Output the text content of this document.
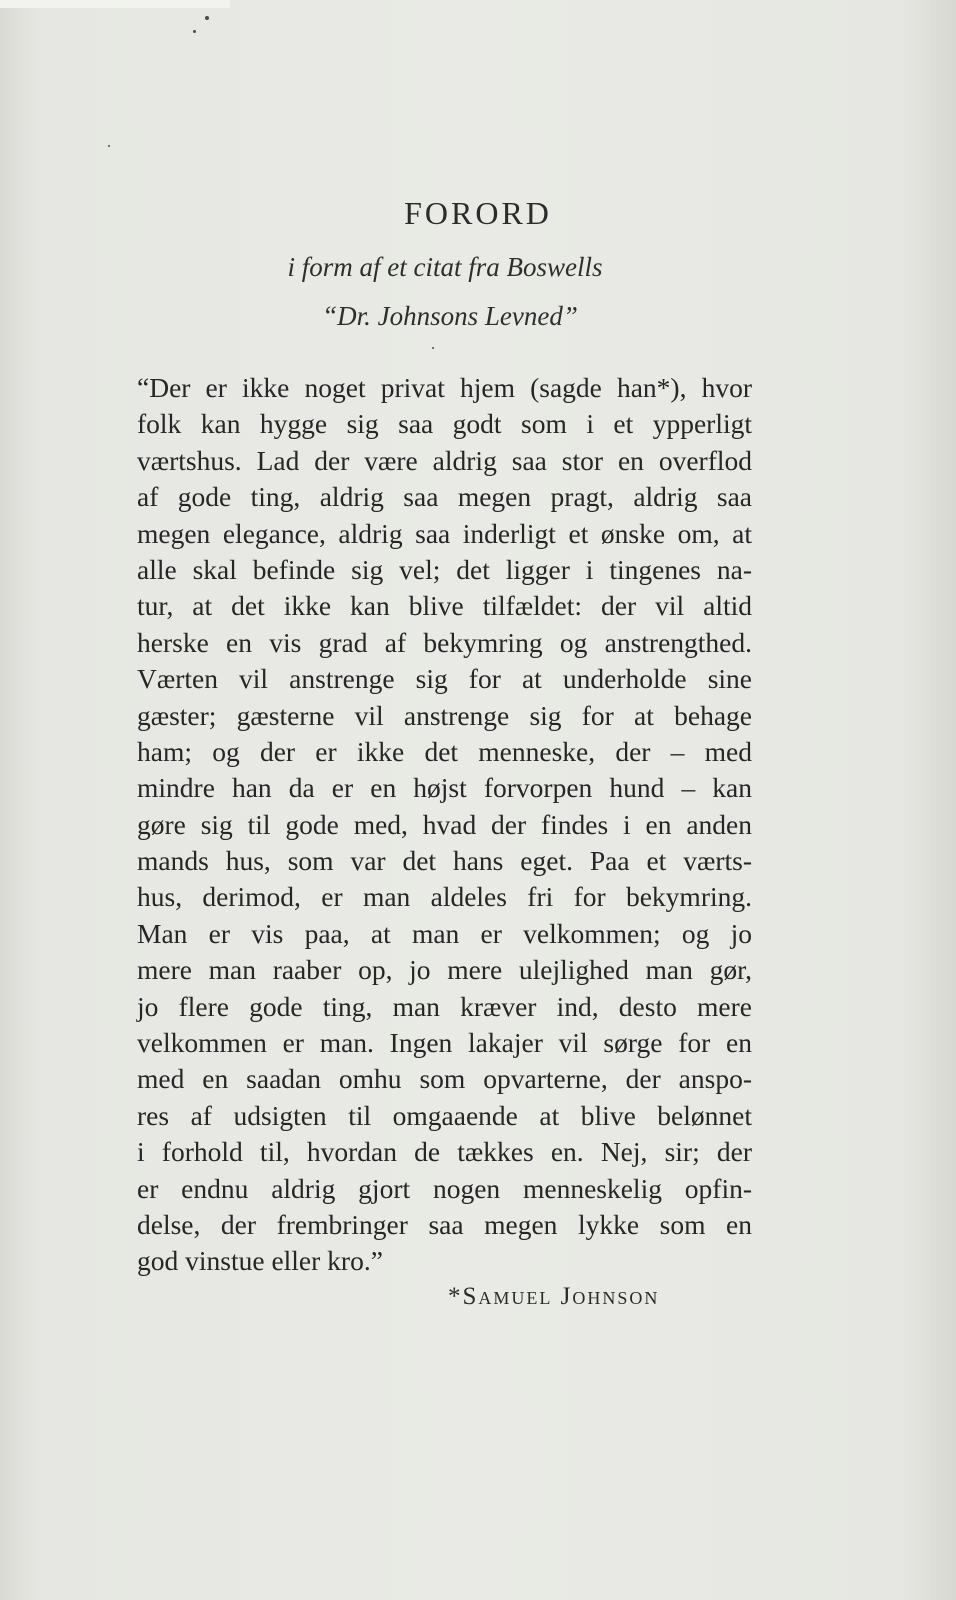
FORORD
i form af et citat fra Boswells
“Dr. Johnsons Levned”
“Der er ikke noget privat hjem (sagde han*), hvor
folk kan hygge sig saa godt som i et ypperligt
værtshus. Lad der være aldrig saa stor en overflod
af gode ting, aldrig saa megen pragt, aldrig saa
megen elegance, aldrig saa inderligt et ønske om, at
alle skal befinde sig vel; det ligger i tingenes na-
tur, at det ikke kan blive tilfældet: der vil altid
herske en vis grad af bekymring og anstrengthed.
Værten vil anstrenge sig for at underholde sine
gæster; gæsterne vil anstrenge sig for at behage
ham; og der er ikke det menneske, der – med
mindre han da er en højst forvorpen hund – kan
gøre sig til gode med, hvad der findes i en anden
mands hus, som var det hans eget. Paa et værts-
hus, derimod, er man aldeles fri for bekymring.
Man er vis paa, at man er velkommen; og jo
mere man raaber op, jo mere ulejlighed man gør,
jo flere gode ting, man kræver ind, desto mere
velkommen er man. Ingen lakajer vil sørge for en
med en saadan omhu som opvarterne, der anspo-
res af udsigten til omgaaende at blive belønnet
i forhold til, hvordan de tækkes en. Nej, sir; der
er endnu aldrig gjort nogen menneskelig opfin-
delse, der frembringer saa megen lykke som en
god vinstue eller kro.”
*Samuel Johnson
